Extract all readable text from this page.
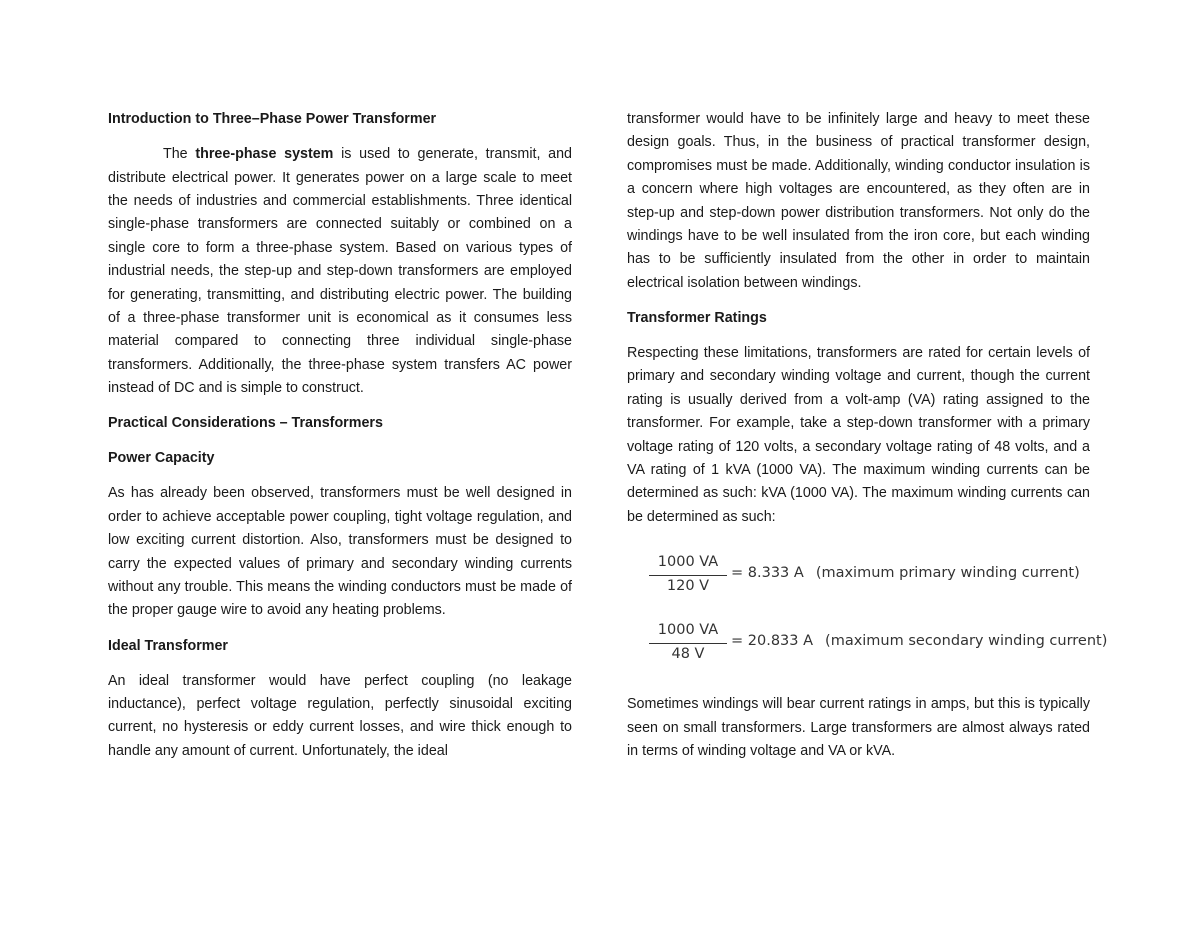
Introduction to Three–Phase Power Transformer

The three-phase system is used to generate, transmit, and distribute electrical power. It generates power on a large scale to meet the needs of industries and commercial establishments. Three identical single-phase transformers are connected suitably or combined on a single core to form a three-phase system. Based on various types of industrial needs, the step-up and step-down transformers are employed for generating, transmitting, and distributing electric power. The building of a three-phase transformer unit is economical as it consumes less material compared to connecting three individual single-phase transformers. Additionally, the three-phase system transfers AC power instead of DC and is simple to construct.

Practical Considerations – Transformers

Power Capacity

As has already been observed, transformers must be well designed in order to achieve acceptable power coupling, tight voltage regulation, and low exciting current distortion. Also, transformers must be designed to carry the expected values of primary and secondary winding currents without any trouble. This means the winding conductors must be made of the proper gauge wire to avoid any heating problems.

Ideal Transformer

An ideal transformer would have perfect coupling (no leakage inductance), perfect voltage regulation, perfectly sinusoidal exciting current, no hysteresis or eddy current losses, and wire thick enough to handle any amount of current. Unfortunately, the ideal

transformer would have to be infinitely large and heavy to meet these design goals. Thus, in the business of practical transformer design, compromises must be made. Additionally, winding conductor insulation is a concern where high voltages are encountered, as they often are in step-up and step-down power distribution transformers. Not only do the windings have to be well insulated from the iron core, but each winding has to be sufficiently insulated from the other in order to maintain electrical isolation between windings.

Transformer Ratings

Respecting these limitations, transformers are rated for certain levels of primary and secondary winding voltage and current, though the current rating is usually derived from a volt-amp (VA) rating assigned to the transformer. For example, take a step-down transformer with a primary voltage rating of 120 volts, a secondary voltage rating of 48 volts, and a VA rating of 1 kVA (1000 VA). The maximum winding currents can be determined as such: kVA (1000 VA). The maximum winding currents can be determined as such:

1000 VA
120 V
= 8.333 A (maximum primary winding current)
1000 VA
48 V
= 20.833 A (maximum secondary winding current)

Sometimes windings will bear current ratings in amps, but this is typically seen on small transformers. Large transformers are almost always rated in terms of winding voltage and VA or kVA.
